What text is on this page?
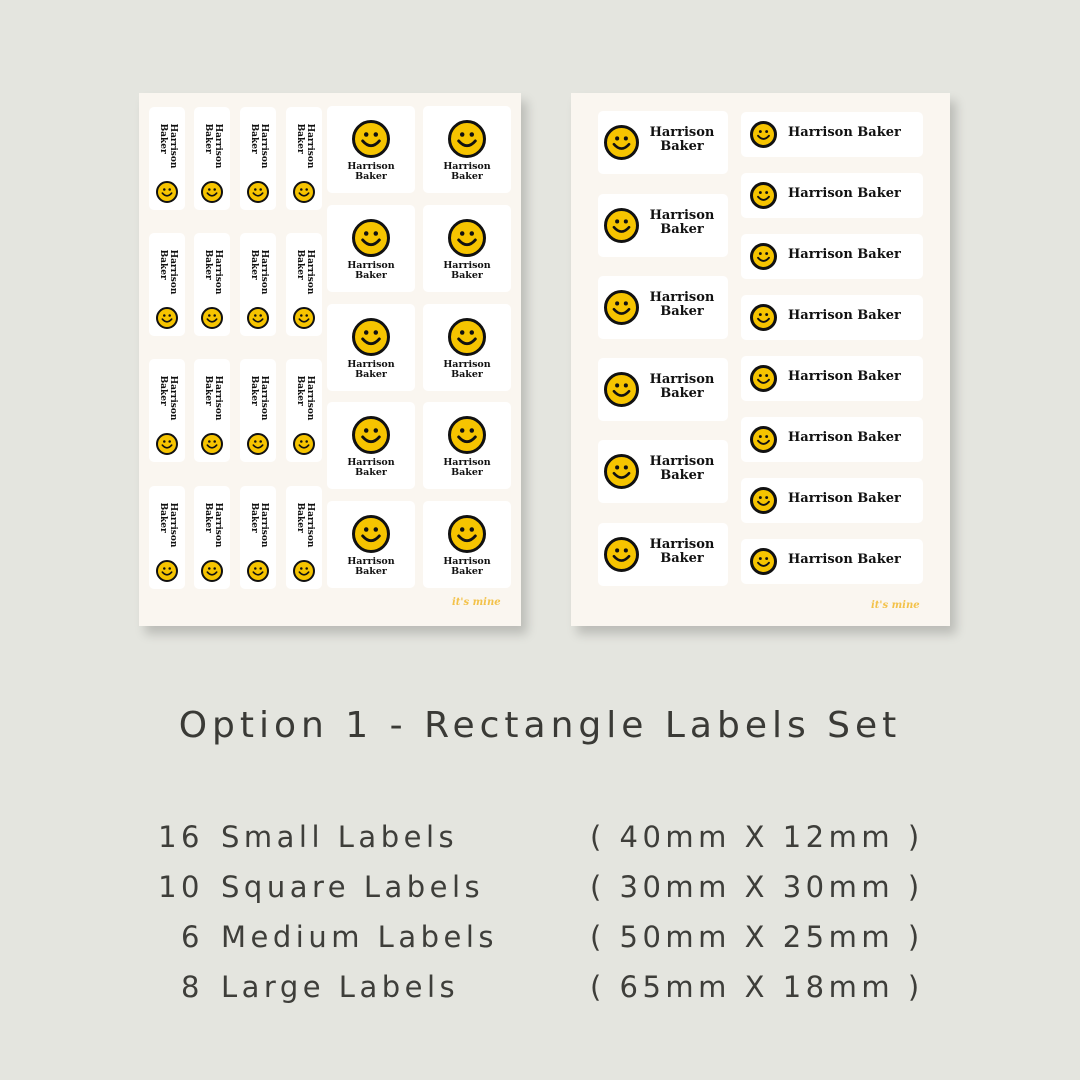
Harrison
Baker	Harrison
Baker	Harrison
Baker	Harrison
Baker
Harrison
Baker	Harrison
Baker	Harrison
Baker	Harrison
Baker
Harrison
Baker	Harrison
Baker	Harrison
Baker	Harrison
Baker
Harrison
Baker	Harrison
Baker	Harrison
Baker	Harrison
Baker
Harrison
Baker
Harrison
Baker
Harrison
Baker
Harrison
Baker
Harrison
Baker
Harrison
Baker
Harrison
Baker
Harrison
Baker
Harrison
Baker
Harrison
Baker
it's mine
Harrison
Baker
Harrison
Baker
Harrison
Baker
Harrison
Baker
Harrison
Baker
Harrison
Baker
Harrison Baker
Harrison Baker
Harrison Baker
Harrison Baker
Harrison Baker
Harrison Baker
Harrison Baker
Harrison Baker
it's mine
Option 1 - Rectangle Labels Set
16 Small Labels	( 40mm X 12mm )
10 Square Labels	( 30mm X 30mm )
6 Medium Labels	( 50mm X 25mm )
8 Large Labels	( 65mm X 18mm )
